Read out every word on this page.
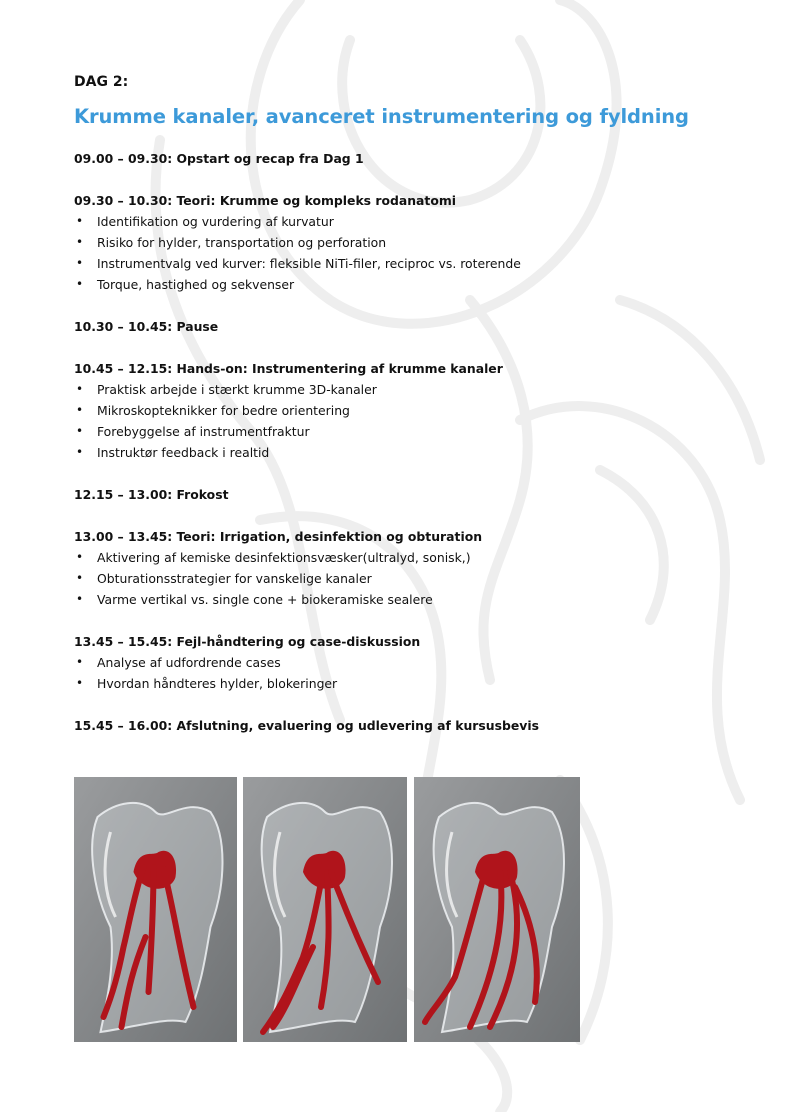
DAG 2:
Krumme kanaler, avanceret instrumentering og fyldning
09.00 – 09.30: Opstart og recap fra Dag 1
09.30 – 10.30: Teori: Krumme og kompleks rodanatomi
• Identifikation og vurdering af kurvatur
• Risiko for hylder, transportation og perforation
• Instrumentvalg ved kurver: fleksible NiTi-filer, reciproc vs. roterende
• Torque, hastighed og sekvenser
10.30 – 10.45: Pause
10.45 – 12.15: Hands-on: Instrumentering af krumme kanaler
• Praktisk arbejde i stærkt krumme 3D-kanaler
• Mikroskopteknikker for bedre orientering
• Forebyggelse af instrumentfraktur
• Instruktør feedback i realtid
12.15 – 13.00: Frokost
13.00 – 13.45: Teori: Irrigation, desinfektion og obturation
• Aktivering af kemiske desinfektionsvæsker(ultralyd, sonisk,)
• Obturationsstrategier for vanskelige kanaler
• Varme vertikal vs. single cone + biokeramiske sealere
13.45 – 15.45: Fejl-håndtering og case-diskussion
• Analyse af udfordrende cases
• Hvordan håndteres hylder, blokeringer
15.45 – 16.00: Afslutning, evaluering og udlevering af kursusbevis
